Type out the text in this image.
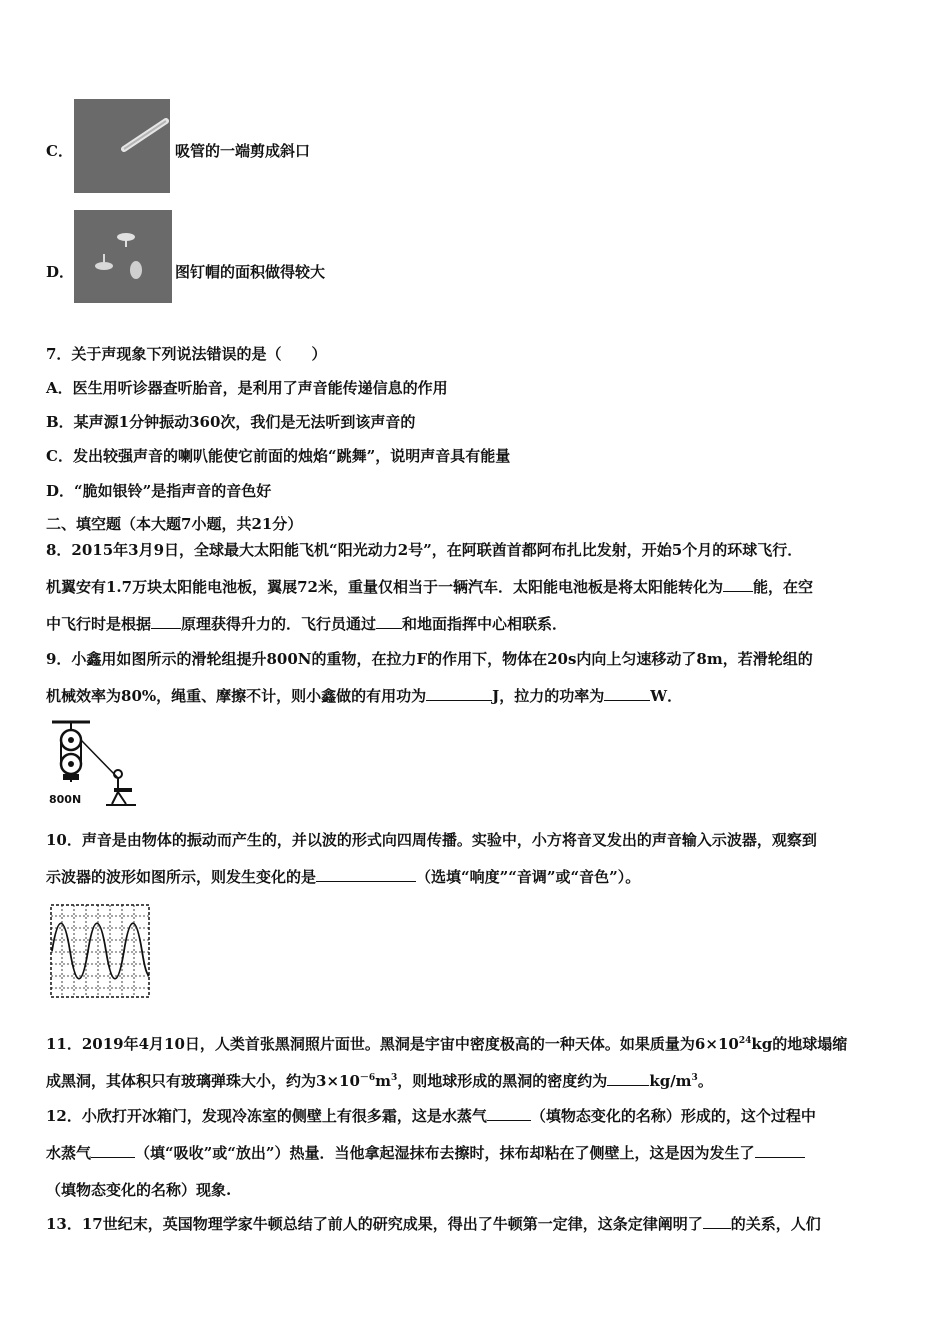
C．	吸管的一端剪成斜口
D．	图钉帽的面积做得较大
7．关于声现象下列说法错误的是（　　）
A．医生用听诊器查听胎音，是利用了声音能传递信息的作用
B．某声源1分钟振动360次，我们是无法听到该声音的
C．发出较强声音的喇叭能使它前面的烛焰“跳舞”，说明声音具有能量
D．“脆如银铃”是指声音的音色好
二、填空题（本大题7小题，共21分）
8．2015年3月9日，全球最大太阳能飞机“阳光动力2号”，在阿联酋首都阿布扎比发射，开始5个月的环球飞行．
机翼安有1.7万块太阳能电池板，翼展72米，重量仅相当于一辆汽车．太阳能电池板是将太阳能转化为 能，在空
中飞行时是根据 原理获得升力的．飞行员通过 和地面指挥中心相联系．
9．小鑫用如图所示的滑轮组提升800N的重物，在拉力F的作用下，物体在20s内向上匀速移动了8m，若滑轮组的
机械效率为80%，绳重、摩擦不计，则小鑫做的有用功为	J，拉力的功率为	W．
800N
10．声音是由物体的振动而产生的，并以波的形式向四周传播。实验中，小方将音叉发出的声音输入示波器，观察到
示波器的波形如图所示，则发生变化的是	（选填“响度”“音调”或“音色”）。
11．2019年4月10日，人类首张黑洞照片面世。黑洞是宇宙中密度极高的一种天体。如果质量为$6\times 10^{24}kg$的地球塌缩
成黑洞，其体积只有玻璃弹珠大小，约为$3\times 10^{-6}m^3$，则地球形成的黑洞的密度约为	$kg/m^3$。
12．小欣打开冰箱门，发现冷冻室的侧壁上有很多霜，这是水蒸气	（填物态变化的名称）形成的，这个过程中
水蒸气	（填“吸收”或“放出”）热量．当他拿起湿抹布去擦时，抹布却粘在了侧壁上，这是因为发生了
（填物态变化的名称）现象.
13．17世纪末，英国物理学家牛顿总结了前人的研究成果，得出了牛顿第一定律，这条定律阐明了 的关系，人们
